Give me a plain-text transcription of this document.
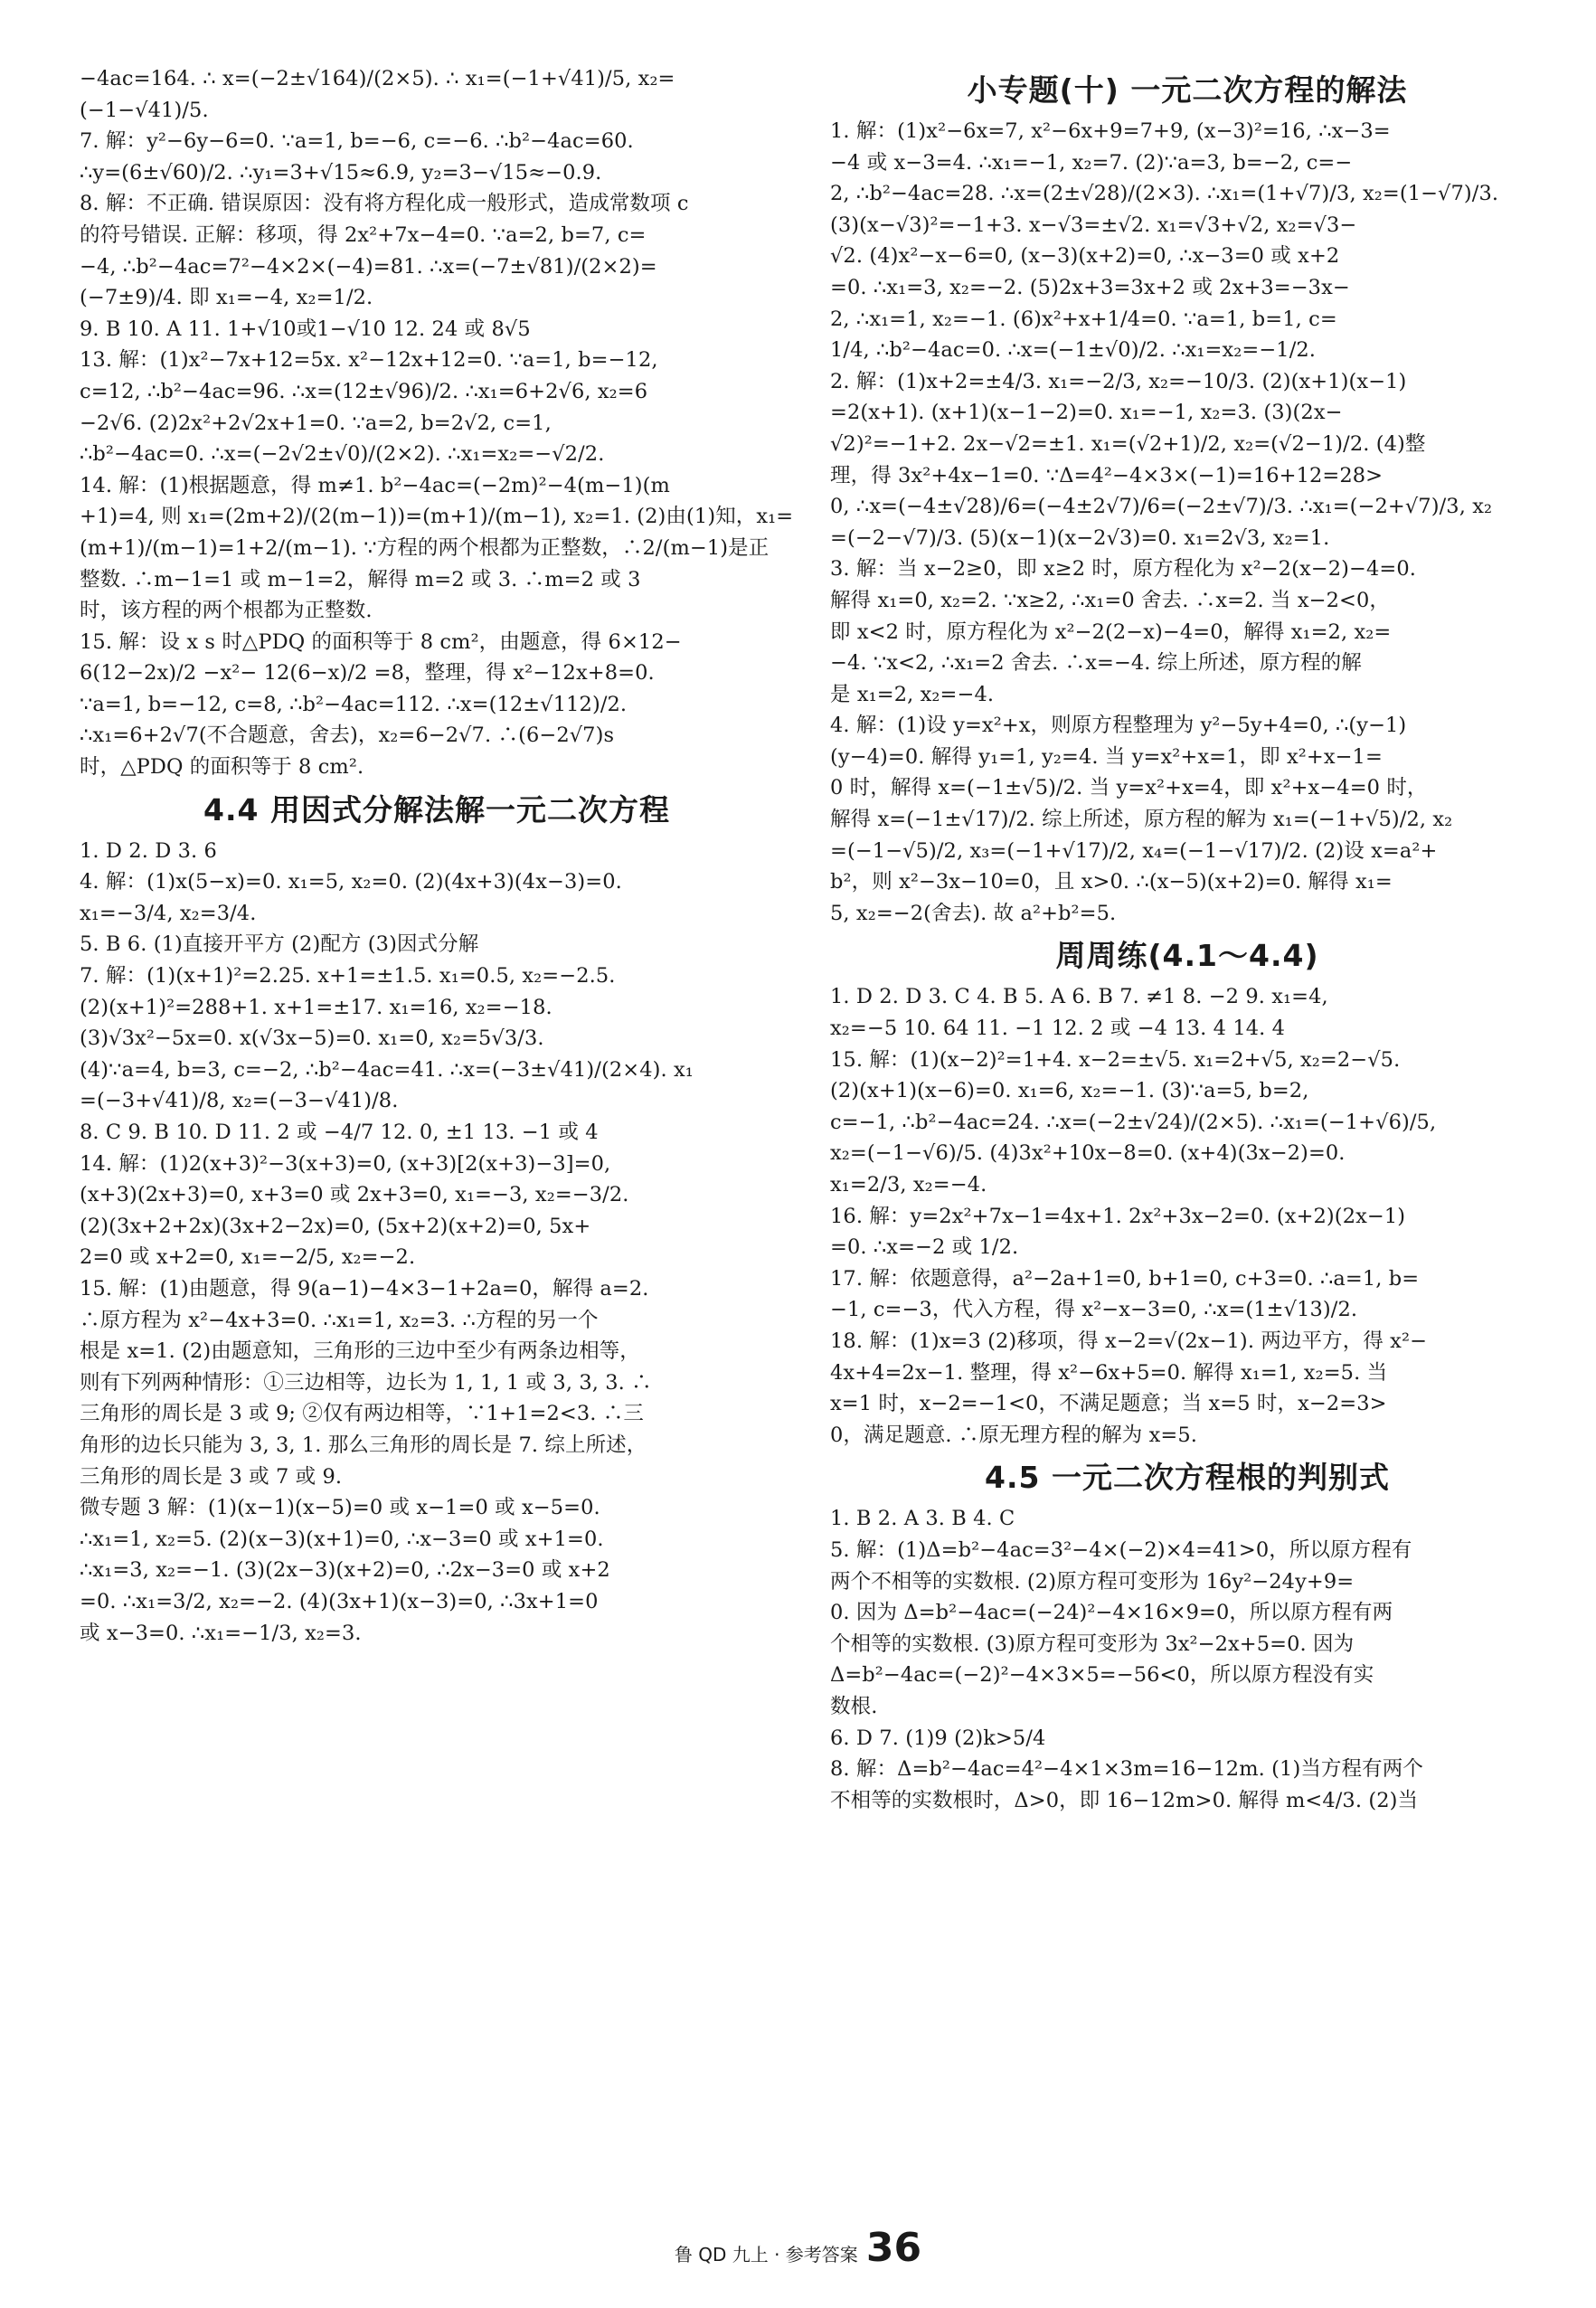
−4ac=164. ∴ x=(−2±√164)/(2×5). ∴ x₁=(−1+√41)/5, x₂=
(−1−√41)/5.
7. 解：y²−6y−6=0. ∵a=1, b=−6, c=−6. ∴b²−4ac=60.
∴y=(6±√60)/2. ∴y₁=3+√15≈6.9, y₂=3−√15≈−0.9.
8. 解：不正确. 错误原因：没有将方程化成一般形式，造成常数项 c
的符号错误. 正解：移项，得 2x²+7x−4=0. ∵a=2, b=7, c=
−4, ∴b²−4ac=7²−4×2×(−4)=81. ∴x=(−7±√81)/(2×2)=
(−7±9)/4. 即 x₁=−4, x₂=1/2.
9. B 10. A 11. 1+√10或1−√10 12. 24 或 8√5
13. 解：(1)x²−7x+12=5x. x²−12x+12=0. ∵a=1, b=−12,
c=12, ∴b²−4ac=96. ∴x=(12±√96)/2. ∴x₁=6+2√6, x₂=6
−2√6. (2)2x²+2√2x+1=0. ∵a=2, b=2√2, c=1,
∴b²−4ac=0. ∴x=(−2√2±√0)/(2×2). ∴x₁=x₂=−√2/2.
14. 解：(1)根据题意，得 m≠1. b²−4ac=(−2m)²−4(m−1)(m
+1)=4, 则 x₁=(2m+2)/(2(m−1))=(m+1)/(m−1), x₂=1. (2)由(1)知，x₁=
(m+1)/(m−1)=1+2/(m−1). ∵方程的两个根都为正整数，∴2/(m−1)是正
整数. ∴m−1=1 或 m−1=2，解得 m=2 或 3. ∴m=2 或 3
时，该方程的两个根都为正整数.
15. 解：设 x s 时△PDQ 的面积等于 8 cm²，由题意，得 6×12−
6(12−2x)/2 −x²− 12(6−x)/2 =8，整理，得 x²−12x+8=0.
∵a=1, b=−12, c=8, ∴b²−4ac=112. ∴x=(12±√112)/2.
∴x₁=6+2√7(不合题意，舍去)，x₂=6−2√7. ∴(6−2√7)s
时，△PDQ 的面积等于 8 cm².
4.4 用因式分解法解一元二次方程
1. D 2. D 3. 6
4. 解：(1)x(5−x)=0. x₁=5, x₂=0. (2)(4x+3)(4x−3)=0.
x₁=−3/4, x₂=3/4.
5. B 6. (1)直接开平方 (2)配方 (3)因式分解
7. 解：(1)(x+1)²=2.25. x+1=±1.5. x₁=0.5, x₂=−2.5.
(2)(x+1)²=288+1. x+1=±17. x₁=16, x₂=−18.
(3)√3x²−5x=0. x(√3x−5)=0. x₁=0, x₂=5√3/3.
(4)∵a=4, b=3, c=−2, ∴b²−4ac=41. ∴x=(−3±√41)/(2×4). x₁
=(−3+√41)/8, x₂=(−3−√41)/8.
8. C 9. B 10. D 11. 2 或 −4/7 12. 0, ±1 13. −1 或 4
14. 解：(1)2(x+3)²−3(x+3)=0, (x+3)[2(x+3)−3]=0,
(x+3)(2x+3)=0, x+3=0 或 2x+3=0, x₁=−3, x₂=−3/2.
(2)(3x+2+2x)(3x+2−2x)=0, (5x+2)(x+2)=0, 5x+
2=0 或 x+2=0, x₁=−2/5, x₂=−2.
15. 解：(1)由题意，得 9(a−1)−4×3−1+2a=0，解得 a=2.
∴原方程为 x²−4x+3=0. ∴x₁=1, x₂=3. ∴方程的另一个
根是 x=1. (2)由题意知，三角形的三边中至少有两条边相等，
则有下列两种情形：①三边相等，边长为 1, 1, 1 或 3, 3, 3. ∴
三角形的周长是 3 或 9; ②仅有两边相等，∵1+1=2<3. ∴三
角形的边长只能为 3, 3, 1. 那么三角形的周长是 7. 综上所述，
三角形的周长是 3 或 7 或 9.
微专题 3 解：(1)(x−1)(x−5)=0 或 x−1=0 或 x−5=0.
∴x₁=1, x₂=5. (2)(x−3)(x+1)=0, ∴x−3=0 或 x+1=0.
∴x₁=3, x₂=−1. (3)(2x−3)(x+2)=0, ∴2x−3=0 或 x+2
=0. ∴x₁=3/2, x₂=−2. (4)(3x+1)(x−3)=0, ∴3x+1=0
或 x−3=0. ∴x₁=−1/3, x₂=3.
小专题(十) 一元二次方程的解法
1. 解：(1)x²−6x=7, x²−6x+9=7+9, (x−3)²=16, ∴x−3=
−4 或 x−3=4. ∴x₁=−1, x₂=7. (2)∵a=3, b=−2, c=−
2, ∴b²−4ac=28. ∴x=(2±√28)/(2×3). ∴x₁=(1+√7)/3, x₂=(1−√7)/3.
(3)(x−√3)²=−1+3. x−√3=±√2. x₁=√3+√2, x₂=√3−
√2. (4)x²−x−6=0, (x−3)(x+2)=0, ∴x−3=0 或 x+2
=0. ∴x₁=3, x₂=−2. (5)2x+3=3x+2 或 2x+3=−3x−
2, ∴x₁=1, x₂=−1. (6)x²+x+1/4=0. ∵a=1, b=1, c=
1/4, ∴b²−4ac=0. ∴x=(−1±√0)/2. ∴x₁=x₂=−1/2.
2. 解：(1)x+2=±4/3. x₁=−2/3, x₂=−10/3. (2)(x+1)(x−1)
=2(x+1). (x+1)(x−1−2)=0. x₁=−1, x₂=3. (3)(2x−
√2)²=−1+2. 2x−√2=±1. x₁=(√2+1)/2, x₂=(√2−1)/2. (4)整
理，得 3x²+4x−1=0. ∵Δ=4²−4×3×(−1)=16+12=28>
0, ∴x=(−4±√28)/6=(−4±2√7)/6=(−2±√7)/3. ∴x₁=(−2+√7)/3, x₂
=(−2−√7)/3. (5)(x−1)(x−2√3)=0. x₁=2√3, x₂=1.
3. 解：当 x−2≥0，即 x≥2 时，原方程化为 x²−2(x−2)−4=0.
解得 x₁=0, x₂=2. ∵x≥2, ∴x₁=0 舍去. ∴x=2. 当 x−2<0，
即 x<2 时，原方程化为 x²−2(2−x)−4=0，解得 x₁=2, x₂=
−4. ∵x<2, ∴x₁=2 舍去. ∴x=−4. 综上所述，原方程的解
是 x₁=2, x₂=−4.
4. 解：(1)设 y=x²+x，则原方程整理为 y²−5y+4=0, ∴(y−1)
(y−4)=0. 解得 y₁=1, y₂=4. 当 y=x²+x=1，即 x²+x−1=
0 时，解得 x=(−1±√5)/2. 当 y=x²+x=4，即 x²+x−4=0 时，
解得 x=(−1±√17)/2. 综上所述，原方程的解为 x₁=(−1+√5)/2, x₂
=(−1−√5)/2, x₃=(−1+√17)/2, x₄=(−1−√17)/2. (2)设 x=a²+
b²，则 x²−3x−10=0，且 x>0. ∴(x−5)(x+2)=0. 解得 x₁=
5, x₂=−2(舍去). 故 a²+b²=5.
周周练(4.1～4.4)
1. D 2. D 3. C 4. B 5. A 6. B 7. ≠1 8. −2 9. x₁=4,
x₂=−5 10. 64 11. −1 12. 2 或 −4 13. 4 14. 4
15. 解：(1)(x−2)²=1+4. x−2=±√5. x₁=2+√5, x₂=2−√5.
(2)(x+1)(x−6)=0. x₁=6, x₂=−1. (3)∵a=5, b=2,
c=−1, ∴b²−4ac=24. ∴x=(−2±√24)/(2×5). ∴x₁=(−1+√6)/5,
x₂=(−1−√6)/5. (4)3x²+10x−8=0. (x+4)(3x−2)=0.
x₁=2/3, x₂=−4.
16. 解：y=2x²+7x−1=4x+1. 2x²+3x−2=0. (x+2)(2x−1)
=0. ∴x=−2 或 1/2.
17. 解：依题意得，a²−2a+1=0, b+1=0, c+3=0. ∴a=1, b=
−1, c=−3，代入方程，得 x²−x−3=0, ∴x=(1±√13)/2.
18. 解：(1)x=3 (2)移项，得 x−2=√(2x−1). 两边平方，得 x²−
4x+4=2x−1. 整理，得 x²−6x+5=0. 解得 x₁=1, x₂=5. 当
x=1 时，x−2=−1<0，不满足题意；当 x=5 时，x−2=3>
0，满足题意. ∴原无理方程的解为 x=5.
4.5 一元二次方程根的判别式
1. B 2. A 3. B 4. C
5. 解：(1)Δ=b²−4ac=3²−4×(−2)×4=41>0，所以原方程有
两个不相等的实数根. (2)原方程可变形为 16y²−24y+9=
0. 因为 Δ=b²−4ac=(−24)²−4×16×9=0，所以原方程有两
个相等的实数根. (3)原方程可变形为 3x²−2x+5=0. 因为
Δ=b²−4ac=(−2)²−4×3×5=−56<0，所以原方程没有实
数根.
6. D 7. (1)9 (2)k>5/4
8. 解：Δ=b²−4ac=4²−4×1×3m=16−12m. (1)当方程有两个
不相等的实数根时，Δ>0，即 16−12m>0. 解得 m<4/3. (2)当
鲁 QD 九上 · 参考答案 36
